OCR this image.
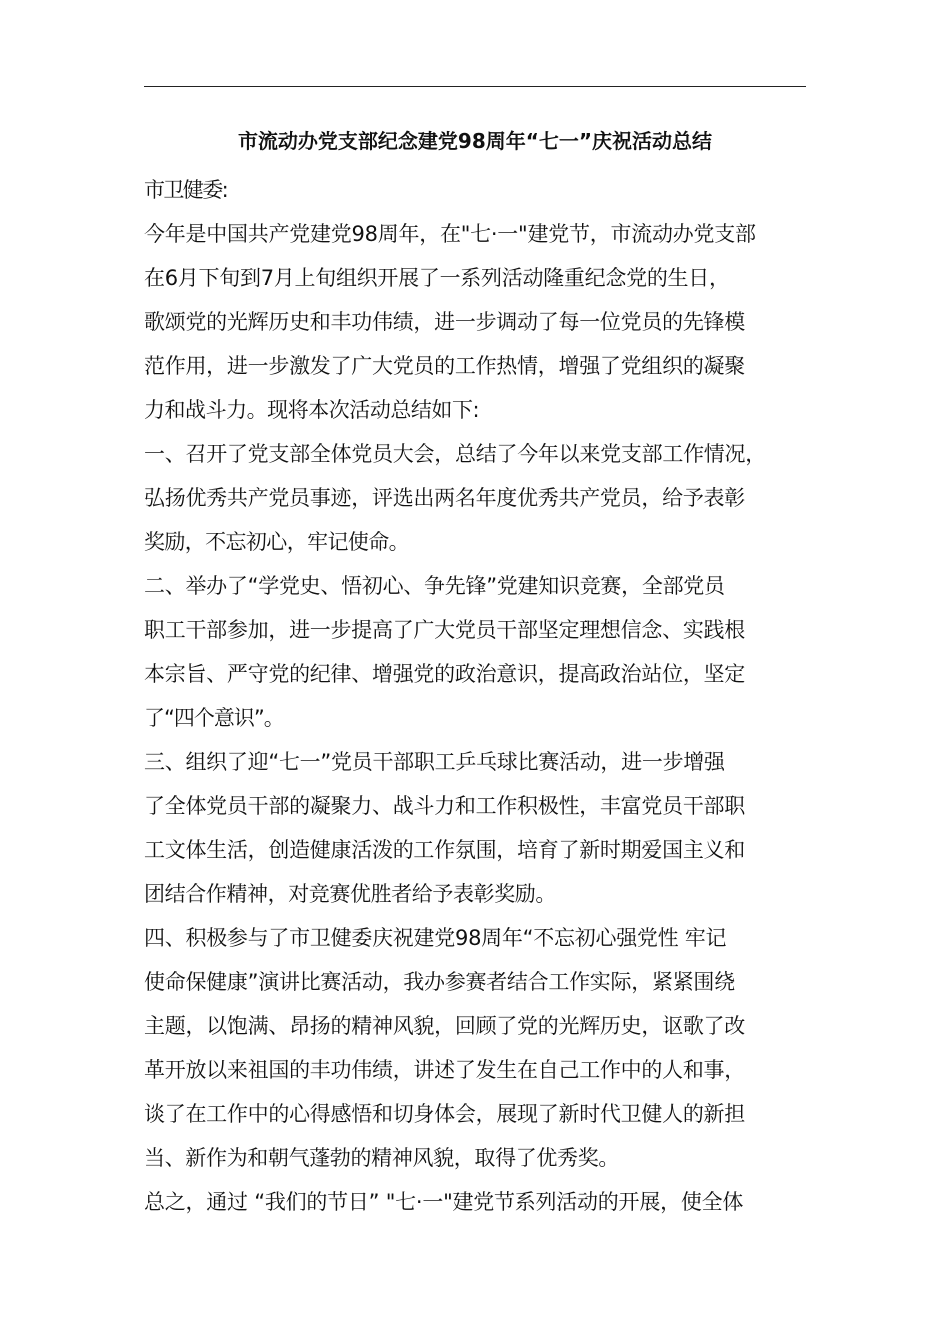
市流动办党支部纪念建党98周年“七一”庆祝活动总结
市卫健委:
今年是中国共产党建党98周年，在"七·一"建党节，市流动办党支部
在6月下旬到7月上旬组织开展了一系列活动隆重纪念党的生日，
歌颂党的光辉历史和丰功伟绩，进一步调动了每一位党员的先锋模
范作用，进一步激发了广大党员的工作热情，增强了党组织的凝聚
力和战斗力。现将本次活动总结如下:
一、召开了党支部全体党员大会，总结了今年以来党支部工作情况，
弘扬优秀共产党员事迹，评选出两名年度优秀共产党员，给予表彰
奖励，不忘初心，牢记使命。
二、举办了“学党史、悟初心、争先锋”党建知识竞赛，全部党员
职工干部参加，进一步提高了广大党员干部坚定理想信念、实践根
本宗旨、严守党的纪律、增强党的政治意识，提高政治站位，坚定
了“四个意识”。
三、组织了迎“七一”党员干部职工乒乓球比赛活动，进一步增强
了全体党员干部的凝聚力、战斗力和工作积极性，丰富党员干部职
工文体生活，创造健康活泼的工作氛围，培育了新时期爱国主义和
团结合作精神，对竞赛优胜者给予表彰奖励。
四、积极参与了市卫健委庆祝建党98周年“不忘初心强党性 牢记
使命保健康”演讲比赛活动，我办参赛者结合工作实际，紧紧围绕
主题，以饱满、昂扬的精神风貌，回顾了党的光辉历史，讴歌了改
革开放以来祖国的丰功伟绩，讲述了发生在自己工作中的人和事，
谈了在工作中的心得感悟和切身体会，展现了新时代卫健人的新担
当、新作为和朝气蓬勃的精神风貌，取得了优秀奖。
总之，通过 “我们的节日” "七·一"建党节系列活动的开展，使全体
